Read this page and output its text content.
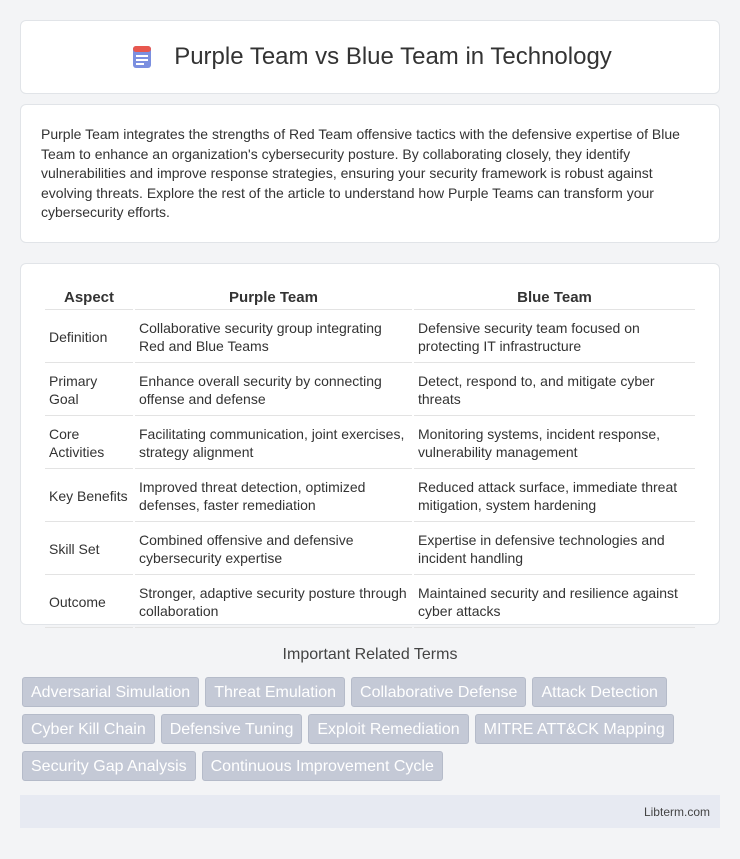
Purple Team vs Blue Team in Technology

Purple Team integrates the strengths of Red Team offensive tactics with the defensive expertise of Blue Team to enhance an organization's cybersecurity posture. By collaborating closely, they identify vulnerabilities and improve response strategies, ensuring your security framework is robust against evolving threats. Explore the rest of the article to understand how Purple Teams can transform your cybersecurity efforts.

Aspect	Purple Team	Blue Team
Definition	Collaborative security group integrating Red and Blue Teams	Defensive security team focused on protecting IT infrastructure
Primary Goal	Enhance overall security by connecting offense and defense	Detect, respond to, and mitigate cyber threats
Core Activities	Facilitating communication, joint exercises, strategy alignment	Monitoring systems, incident response, vulnerability management
Key Benefits	Improved threat detection, optimized defenses, faster remediation	Reduced attack surface, immediate threat mitigation, system hardening
Skill Set	Combined offensive and defensive cybersecurity expertise	Expertise in defensive technologies and incident handling
Outcome	Stronger, adaptive security posture through collaboration	Maintained security and resilience against cyber attacks
Important Related Terms
Adversarial Simulation	Threat Emulation	Collaborative Defense	Attack Detection
Cyber Kill Chain	Defensive Tuning	Exploit Remediation	MITRE ATT&CK Mapping
Security Gap Analysis	Continuous Improvement Cycle
Libterm.com
